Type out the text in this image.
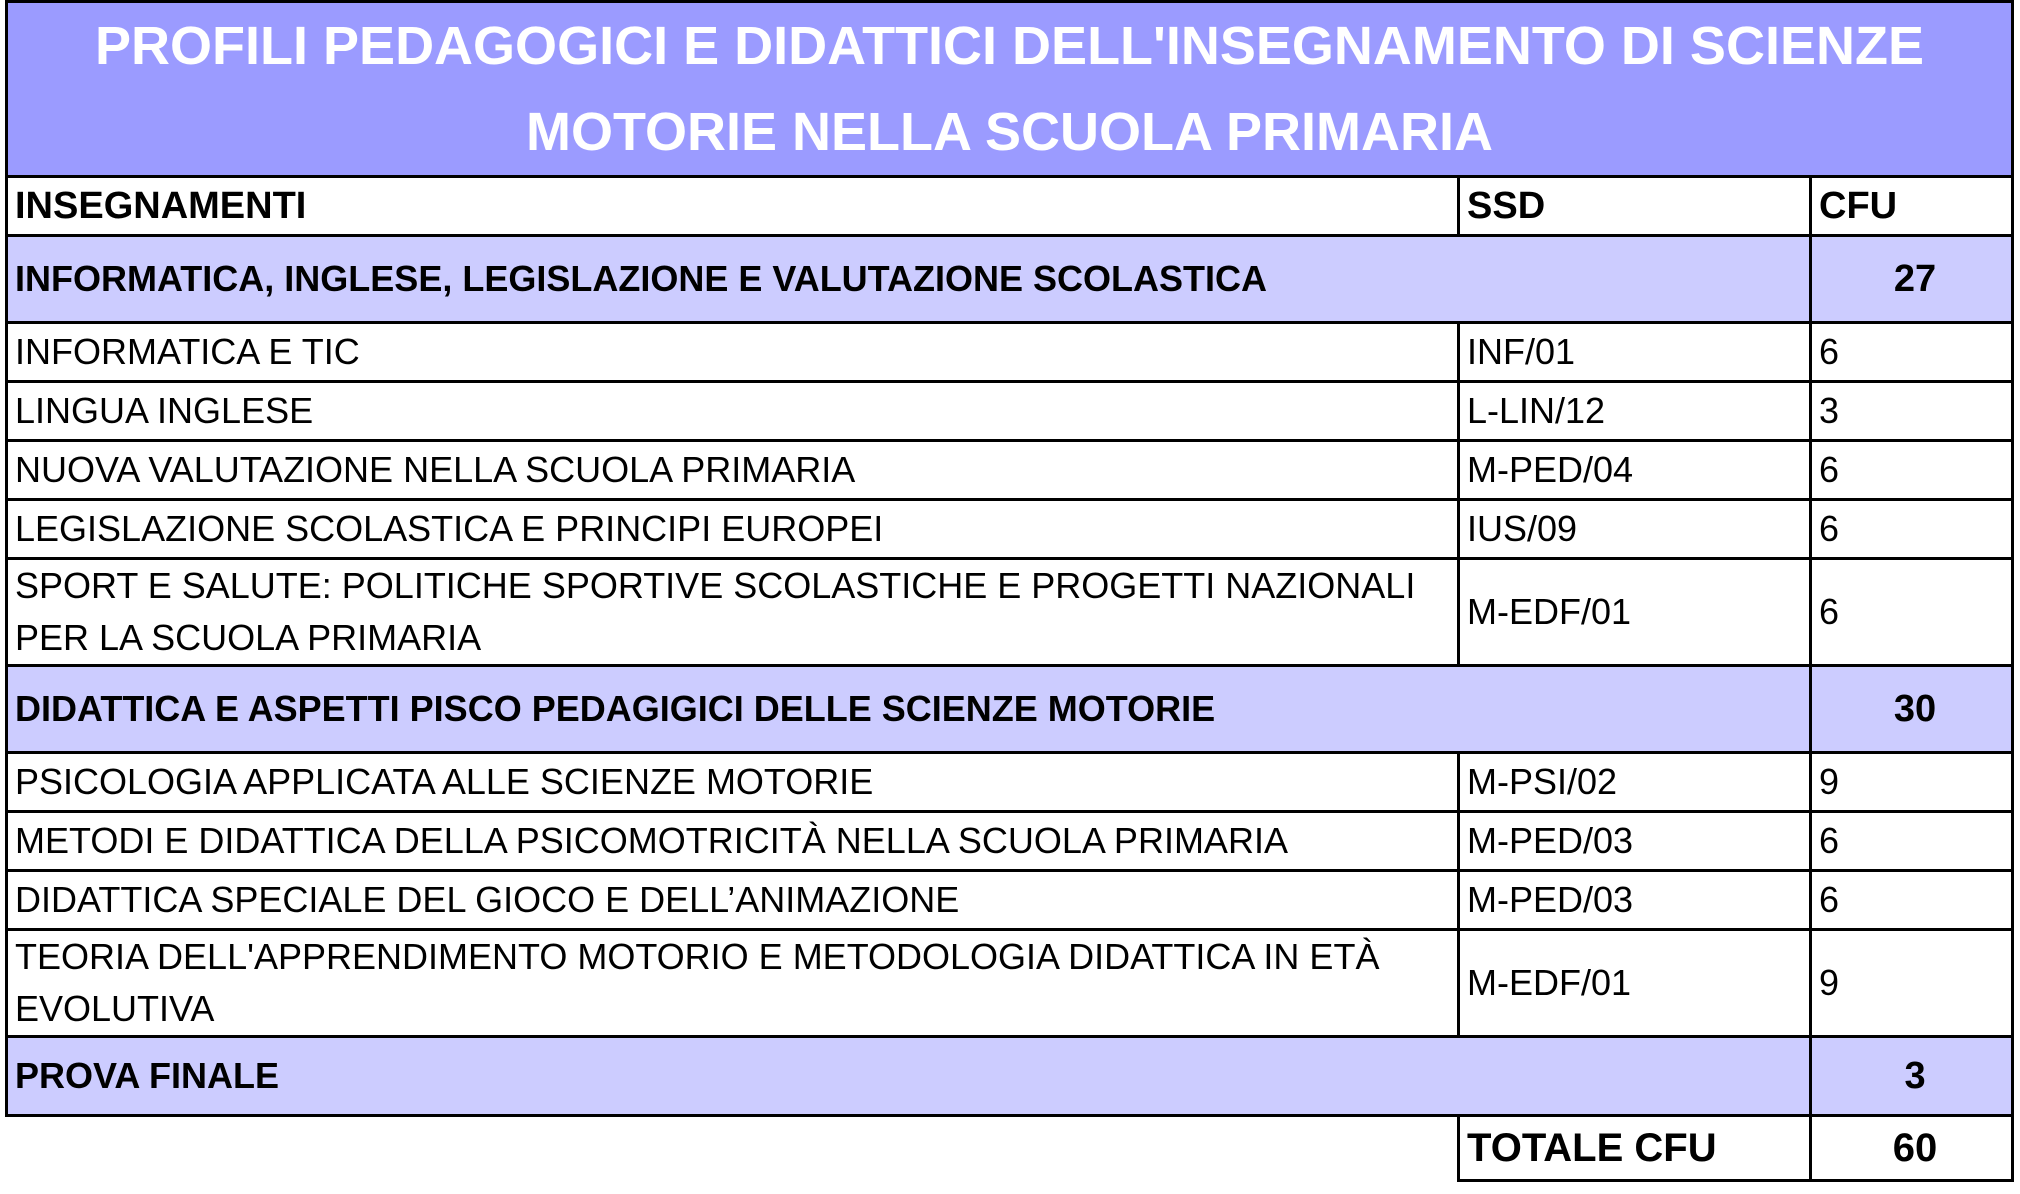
PROFILI PEDAGOGICI E DIDATTICI DELL'INSEGNAMENTO DI SCIENZE MOTORIE NELLA SCUOLA PRIMARIA		
INSEGNAMENTI	SSD	CFU
INFORMATICA, INGLESE, LEGISLAZIONE E VALUTAZIONE SCOLASTICA		27
INFORMATICA E TIC	INF/01	6
LINGUA INGLESE	L-LIN/12	3
NUOVA VALUTAZIONE NELLA SCUOLA PRIMARIA	M-PED/04	6
LEGISLAZIONE SCOLASTICA E PRINCIPI EUROPEI	IUS/09	6
SPORT E SALUTE: POLITICHE SPORTIVE SCOLASTICHE E PROGETTI NAZIONALI PER LA SCUOLA PRIMARIA	M-EDF/01	6
DIDATTICA E ASPETTI PISCO PEDAGIGICI DELLE SCIENZE MOTORIE		30
PSICOLOGIA APPLICATA ALLE SCIENZE MOTORIE	M-PSI/02	9
METODI E DIDATTICA DELLA PSICOMOTRICITÀ NELLA SCUOLA PRIMARIA	M-PED/03	6
DIDATTICA SPECIALE DEL GIOCO E DELL’ANIMAZIONE	M-PED/03	6
TEORIA DELL'APPRENDIMENTO MOTORIO E METODOLOGIA DIDATTICA IN ETÀ EVOLUTIVA	M-EDF/01	9
PROVA FINALE		3
	TOTALE CFU	60
